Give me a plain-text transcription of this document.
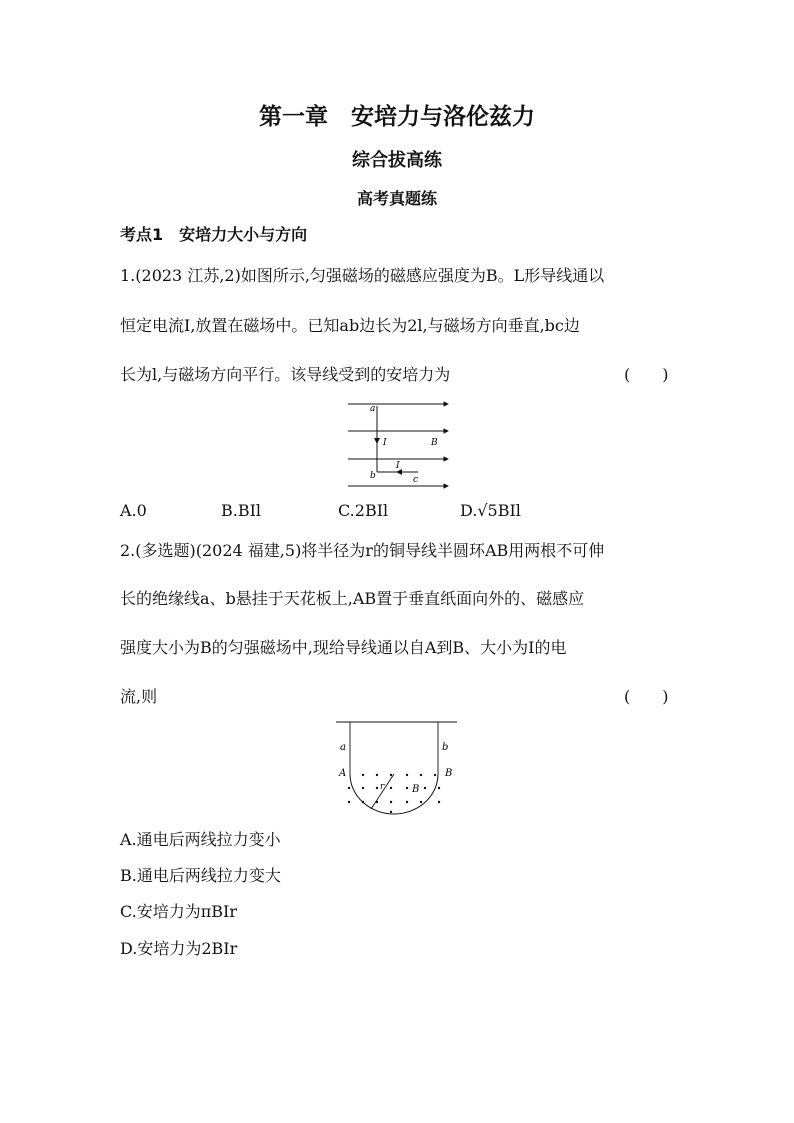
第一章　安培力与洛伦兹力
综合拔高练
高考真题练
考点1　安培力大小与方向
1.(2023 江苏,2)如图所示,匀强磁场的磁感应强度为B。L形导线通以
恒定电流I,放置在磁场中。已知ab边长为2l,与磁场方向垂直,bc边
长为l,与磁场方向平行。该导线受到的安培力为	(　　)
a
b	c
I
I
B
A.0	B.BIl	C.2BIl	D.√5BIl
2.(多选题)(2024 福建,5)将半径为r的铜导线半圆环AB用两根不可伸
长的绝缘线a、b悬挂于天花板上,AB置于垂直纸面向外的、磁感应
强度大小为B的匀强磁场中,现给导线通以自A到B、大小为I的电
流,则	(　　)
a	b
A	B
r	B
A.通电后两线拉力变小
B.通电后两线拉力变大
C.安培力为πBIr
D.安培力为2BIr
